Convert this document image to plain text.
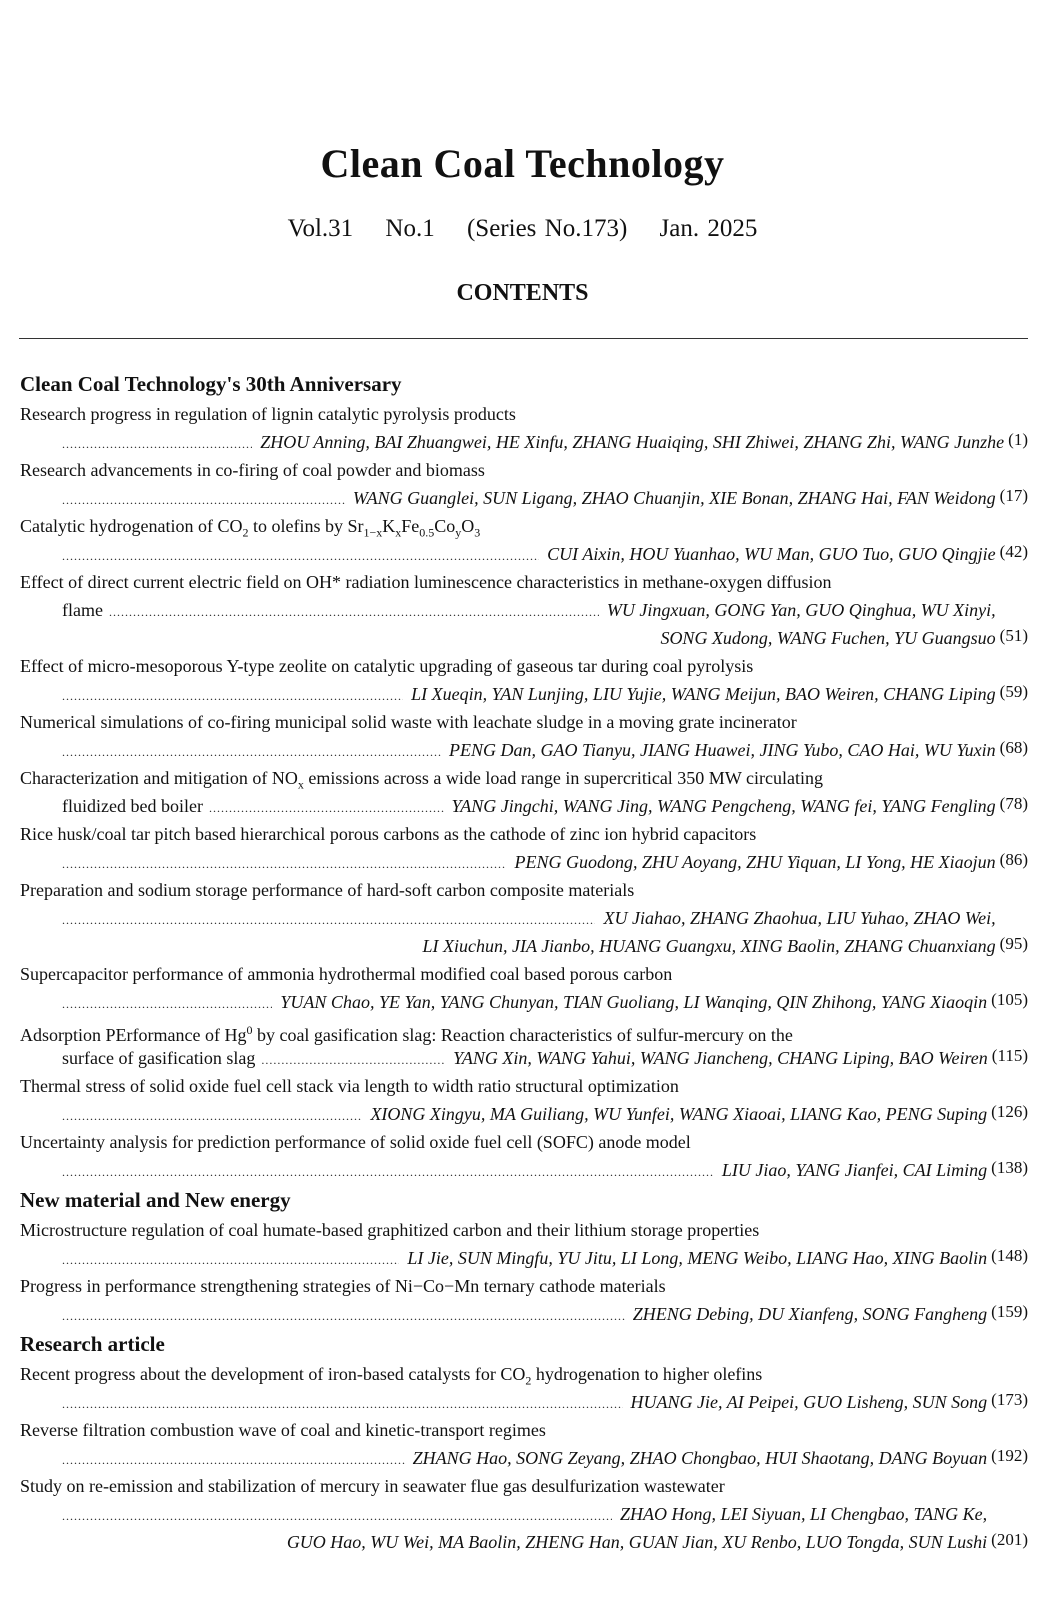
Clean Coal Technology
Vol.31 No.1 (Series No.173) Jan. 2025
CONTENTS
Clean Coal Technology's 30th Anniversary
Research progress in regulation of lignin catalytic pyrolysis products
.....
ZHOU Anning, BAI Zhuangwei, HE Xinfu, ZHANG Huaiqing, SHI Zhiwei, ZHANG Zhi, WANG Junzhe (1)
Research advancements in co-firing of coal powder and biomass
.....
WANG Guanglei, SUN Ligang, ZHAO Chuanjin, XIE Bonan, ZHANG Hai, FAN Weidong (17)
Catalytic hydrogenation of $CO_2$ to olefins by $Sr_{1-x}K_xFe_{0.5}Co_yO_3$
.....
CUI Aixin, HOU Yuanhao, WU Man, GUO Tuo, GUO Qingjie (42)
Effect of direct current electric field on OH* radiation luminescence characteristics in methane-oxygen diffusion
flame .....	WU Jingxuan, GONG Yan, GUO Qinghua, WU Xinyi,
SONG Xudong, WANG Fuchen, YU Guangsuo (51)
Effect of micro-mesoporous Y-type zeolite on catalytic upgrading of gaseous tar during coal pyrolysis
.....
LI Xueqin, YAN Lunjing, LIU Yujie, WANG Meijun, BAO Weiren, CHANG Liping (59)
Numerical simulations of co-firing municipal solid waste with leachate sludge in a moving grate incinerator
.....
PENG Dan, GAO Tianyu, JIANG Huawei, JING Yubo, CAO Hai, WU Yuxin (68)
Characterization and mitigation of $NO_x$ emissions across a wide load range in supercritical 350 MW circulating
fluidized bed boiler .....	YANG Jingchi, WANG Jing, WANG Pengcheng, WANG fei, YANG Fengling (78)
Rice husk/coal tar pitch based hierarchical porous carbons as the cathode of zinc ion hybrid capacitors
.....
PENG Guodong, ZHU Aoyang, ZHU Yiquan, LI Yong, HE Xiaojun (86)
Preparation and sodium storage performance of hard-soft carbon composite materials
.....
XU Jiahao, ZHANG Zhaohua, LIU Yuhao, ZHAO Wei,
LI Xiuchun, JIA Jianbo, HUANG Guangxu, XING Baolin, ZHANG Chuanxiang (95)
Supercapacitor performance of ammonia hydrothermal modified coal based porous carbon
.....
YUAN Chao, YE Yan, YANG Chunyan, TIAN Guoliang, LI Wanqing, QIN Zhihong, YANG Xiaoqin (105)
Adsorption PErformance of Hg$^0$ by coal gasification slag: Reaction characteristics of sulfur-mercury on the
surface of gasification slag .....	YANG Xin, WANG Yahui, WANG Jiancheng, CHANG Liping, BAO Weiren (115)
Thermal stress of solid oxide fuel cell stack via length to width ratio structural optimization
.....
XIONG Xingyu, MA Guiliang, WU Yunfei, WANG Xiaoai, LIANG Kao, PENG Suping (126)
Uncertainty analysis for prediction performance of solid oxide fuel cell (SOFC) anode model
.....
LIU Jiao, YANG Jianfei, CAI Liming (138)
New material and New energy
Microstructure regulation of coal humate-based graphitized carbon and their lithium storage properties
.....
LI Jie, SUN Mingfu, YU Jitu, LI Long, MENG Weibo, LIANG Hao, XING Baolin (148)
Progress in performance strengthening strategies of Ni−Co−Mn ternary cathode materials
.....
ZHENG Debing, DU Xianfeng, SONG Fangheng (159)
Research article
Recent progress about the development of iron-based catalysts for $CO_2$ hydrogenation to higher olefins
.....
HUANG Jie, AI Peipei, GUO Lisheng, SUN Song (173)
Reverse filtration combustion wave of coal and kinetic-transport regimes
.....
ZHANG Hao, SONG Zeyang, ZHAO Chongbao, HUI Shaotang, DANG Boyuan (192)
Study on re-emission and stabilization of mercury in seawater flue gas desulfurization wastewater
.....
ZHAO Hong, LEI Siyuan, LI Chengbao, TANG Ke,
GUO Hao, WU Wei, MA Baolin, ZHENG Han, GUAN Jian, XU Renbo, LUO Tongda, SUN Lushi (201)
